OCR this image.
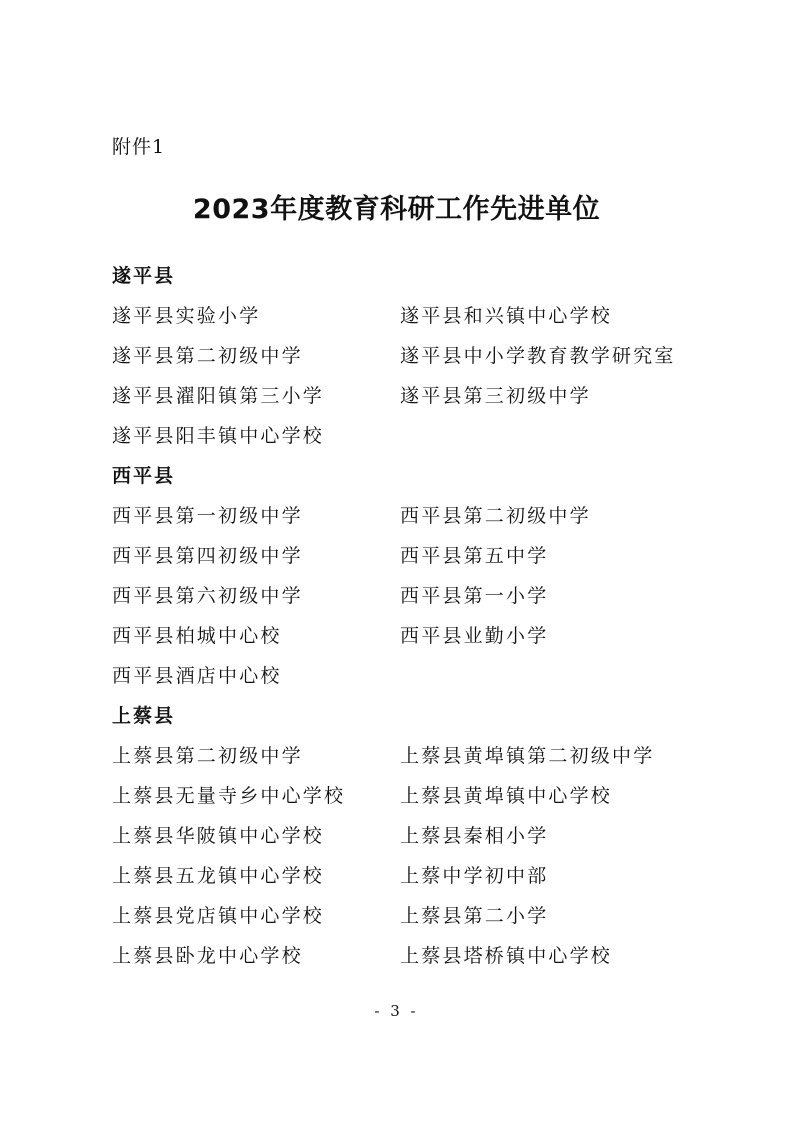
附件1
2023年度教育科研工作先进单位
遂平县
遂平县实验小学	遂平县和兴镇中心学校
遂平县第二初级中学	遂平县中小学教育教学研究室
遂平县濯阳镇第三小学	遂平县第三初级中学
遂平县阳丰镇中心学校
西平县
西平县第一初级中学	西平县第二初级中学
西平县第四初级中学	西平县第五中学
西平县第六初级中学	西平县第一小学
西平县柏城中心校	西平县业勤小学
西平县酒店中心校
上蔡县
上蔡县第二初级中学	上蔡县黄埠镇第二初级中学
上蔡县无量寺乡中心学校	上蔡县黄埠镇中心学校
上蔡县华陂镇中心学校	上蔡县秦相小学
上蔡县五龙镇中心学校	上蔡中学初中部
上蔡县党店镇中心学校	上蔡县第二小学
上蔡县卧龙中心学校	上蔡县塔桥镇中心学校
- 3 -
